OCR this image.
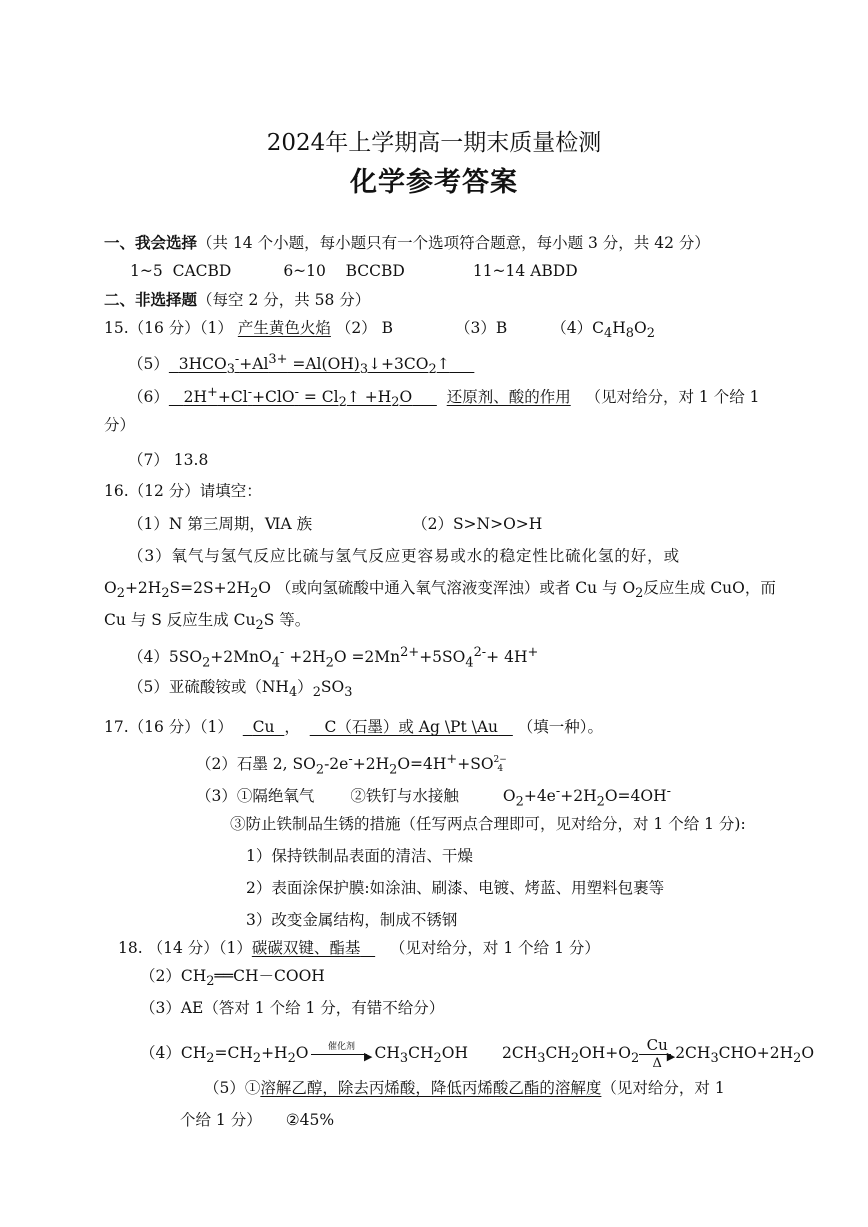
2024年上学期高一期末质量检测
化学参考答案
一、我会选择（共 14 个小题，每小题只有一个选项符合题意，每小题 3 分，共 42 分）
1~5 CACBD	6~10 BCCBD	11~14 ABDD
二、非选择题（每空 2 分，共 58 分）
15.（16 分）（1） 产生黄色火焰 （2） B	（3）B	$(4)C_4H_8O_2$
（5） $3HCO_3^-+Al^{3+}$ $=Al(OH)_3↓+3CO_2↑$
（6） $2H^++Cl^-+ClO^- = Cl_2↑ +H_2O$ 还原剂、酸的作用 （见对给分，对 1 个给 1
分）
（7） 13.8
16.（12 分）请填空：
（1）N 第三周期，ⅥA 族	（2）S>N>O>H
（3）氧气与氢气反应比硫与氢气反应更容易或水的稳定性比硫化氢的好，或
$O_2+2H_2S=2S+2H_2O$ （或向氢硫酸中通入氧气溶液变浑浊）或者 Cu 与 $O_2$反应生成 CuO，而
Cu 与 S 反应生成 $Cu_2S$ 等。
$(4)5SO_2+2MnO_4^- +2H_2O =2Mn^{2+}+5SO_4^{2-}+ 4H^+$
（5）亚硫酸铵或$(NH_4)_2SO_3$
17.（16 分）（1） Cu ， C（石墨）或 Ag \Pt \Au （填一种）。
（2）石墨 2, $SO_2-2e^-+2H_2O=4H^++SO2-$
4
（3）①隔绝氧气 ②铁钉与水接触	$O_2+4e^-+2H_2O=4OH^-$
③防止铁制品生锈的措施（任写两点合理即可，见对给分，对 1 个给 1 分):
1）保持铁制品表面的清洁、干燥
2）表面涂保护膜:如涂油、刷漆、电镀、烤蓝、用塑料包裹等
3）改变金属结构，制成不锈钢
18. （14 分）（1）碳碳双键、酯基 （见对给分，对 1 个给 1 分）
$(2)CH_2══CH-COOH$
（3）AE（答对 1 个给 1 分，有错不给分）
$(4)CH_2=CH_2+H_2O$	催化剂
▶ $CH_3CH_2OH$ $2CH_3CH_2OH+O_2$
Cu
▶
Δ
$2CH_3CHO+2H_2O$
（5）①溶解乙醇，除去丙烯酸，降低丙烯酸乙酯的溶解度（见对给分，对 1
个给 1 分） ②45%
